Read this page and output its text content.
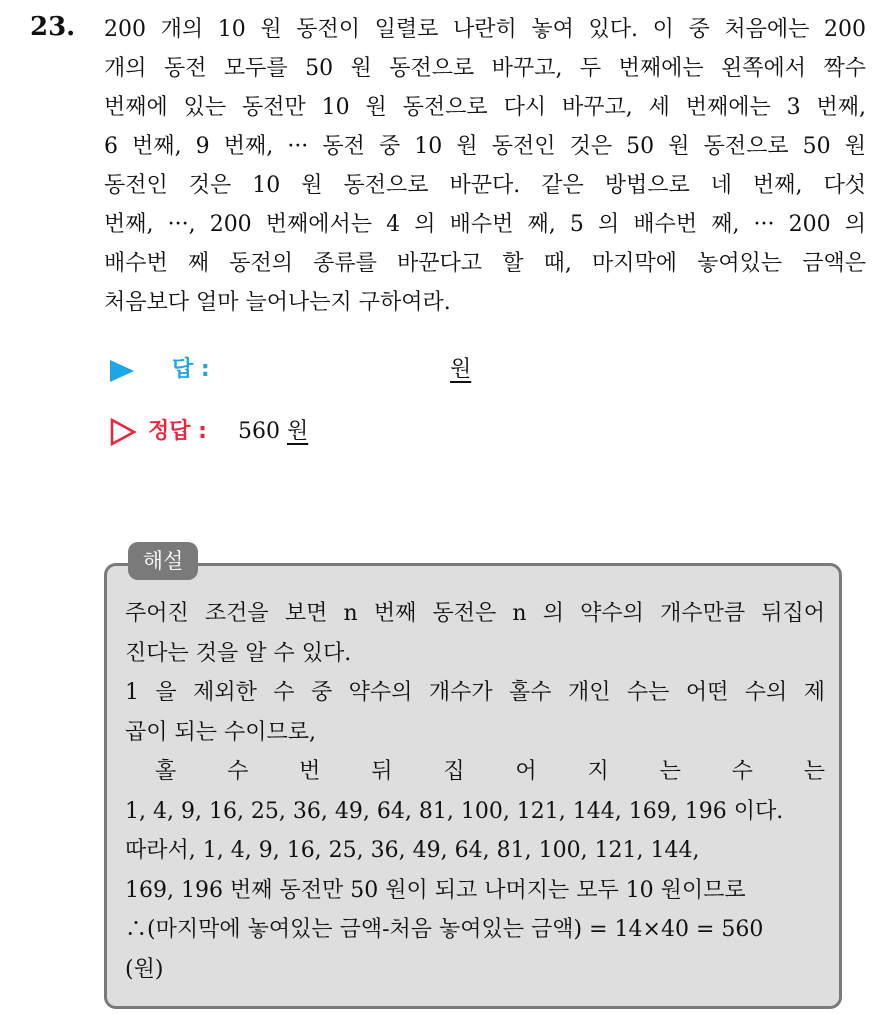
23. 200 개의 10 원 동전이 일렬로 나란히 놓여 있다. 이 중 처음에는 200
개의 동전 모두를 50 원 동전으로 바꾸고, 두 번째에는 왼쪽에서 짝수
번째에 있는 동전만 10 원 동전으로 다시 바꾸고, 세 번째에는 3 번째,
6 번째, 9 번째, ··· 동전 중 10 원 동전인 것은 50 원 동전으로 50 원
동전인 것은 10 원 동전으로 바꾼다. 같은 방법으로 네 번째, 다섯
번째, ···, 200 번째에서는 4 의 배수번 째, 5 의 배수번 째, ··· 200 의
배수번 째 동전의 종류를 바꾼다고 할 때, 마지막에 놓여있는 금액은
처음보다 얼마 늘어나는지 구하여라.
답 :	원
정답 : 560 원
해설
주어진 조건을 보면 n 번째 동전은 n 의 약수의 개수만큼 뒤집어
진다는 것을 알 수 있다.
1 을 제외한 수 중 약수의 개수가 홀수 개인 수는 어떤 수의 제
곱이 되는 수이므로,
홀 수 번 뒤 집 어 지 는 수 는
1, 4, 9, 16, 25, 36, 49, 64, 81, 100, 121, 144, 169, 196 이다.
따라서, 1, 4, 9, 16, 25, 36, 49, 64, 81, 100, 121, 144,
169, 196 번째 동전만 50 원이 되고 나머지는 모두 10 원이므로
∴(마지막에 놓여있는 금액-처음 놓여있는 금액) = 14×40 = 560
(원)
